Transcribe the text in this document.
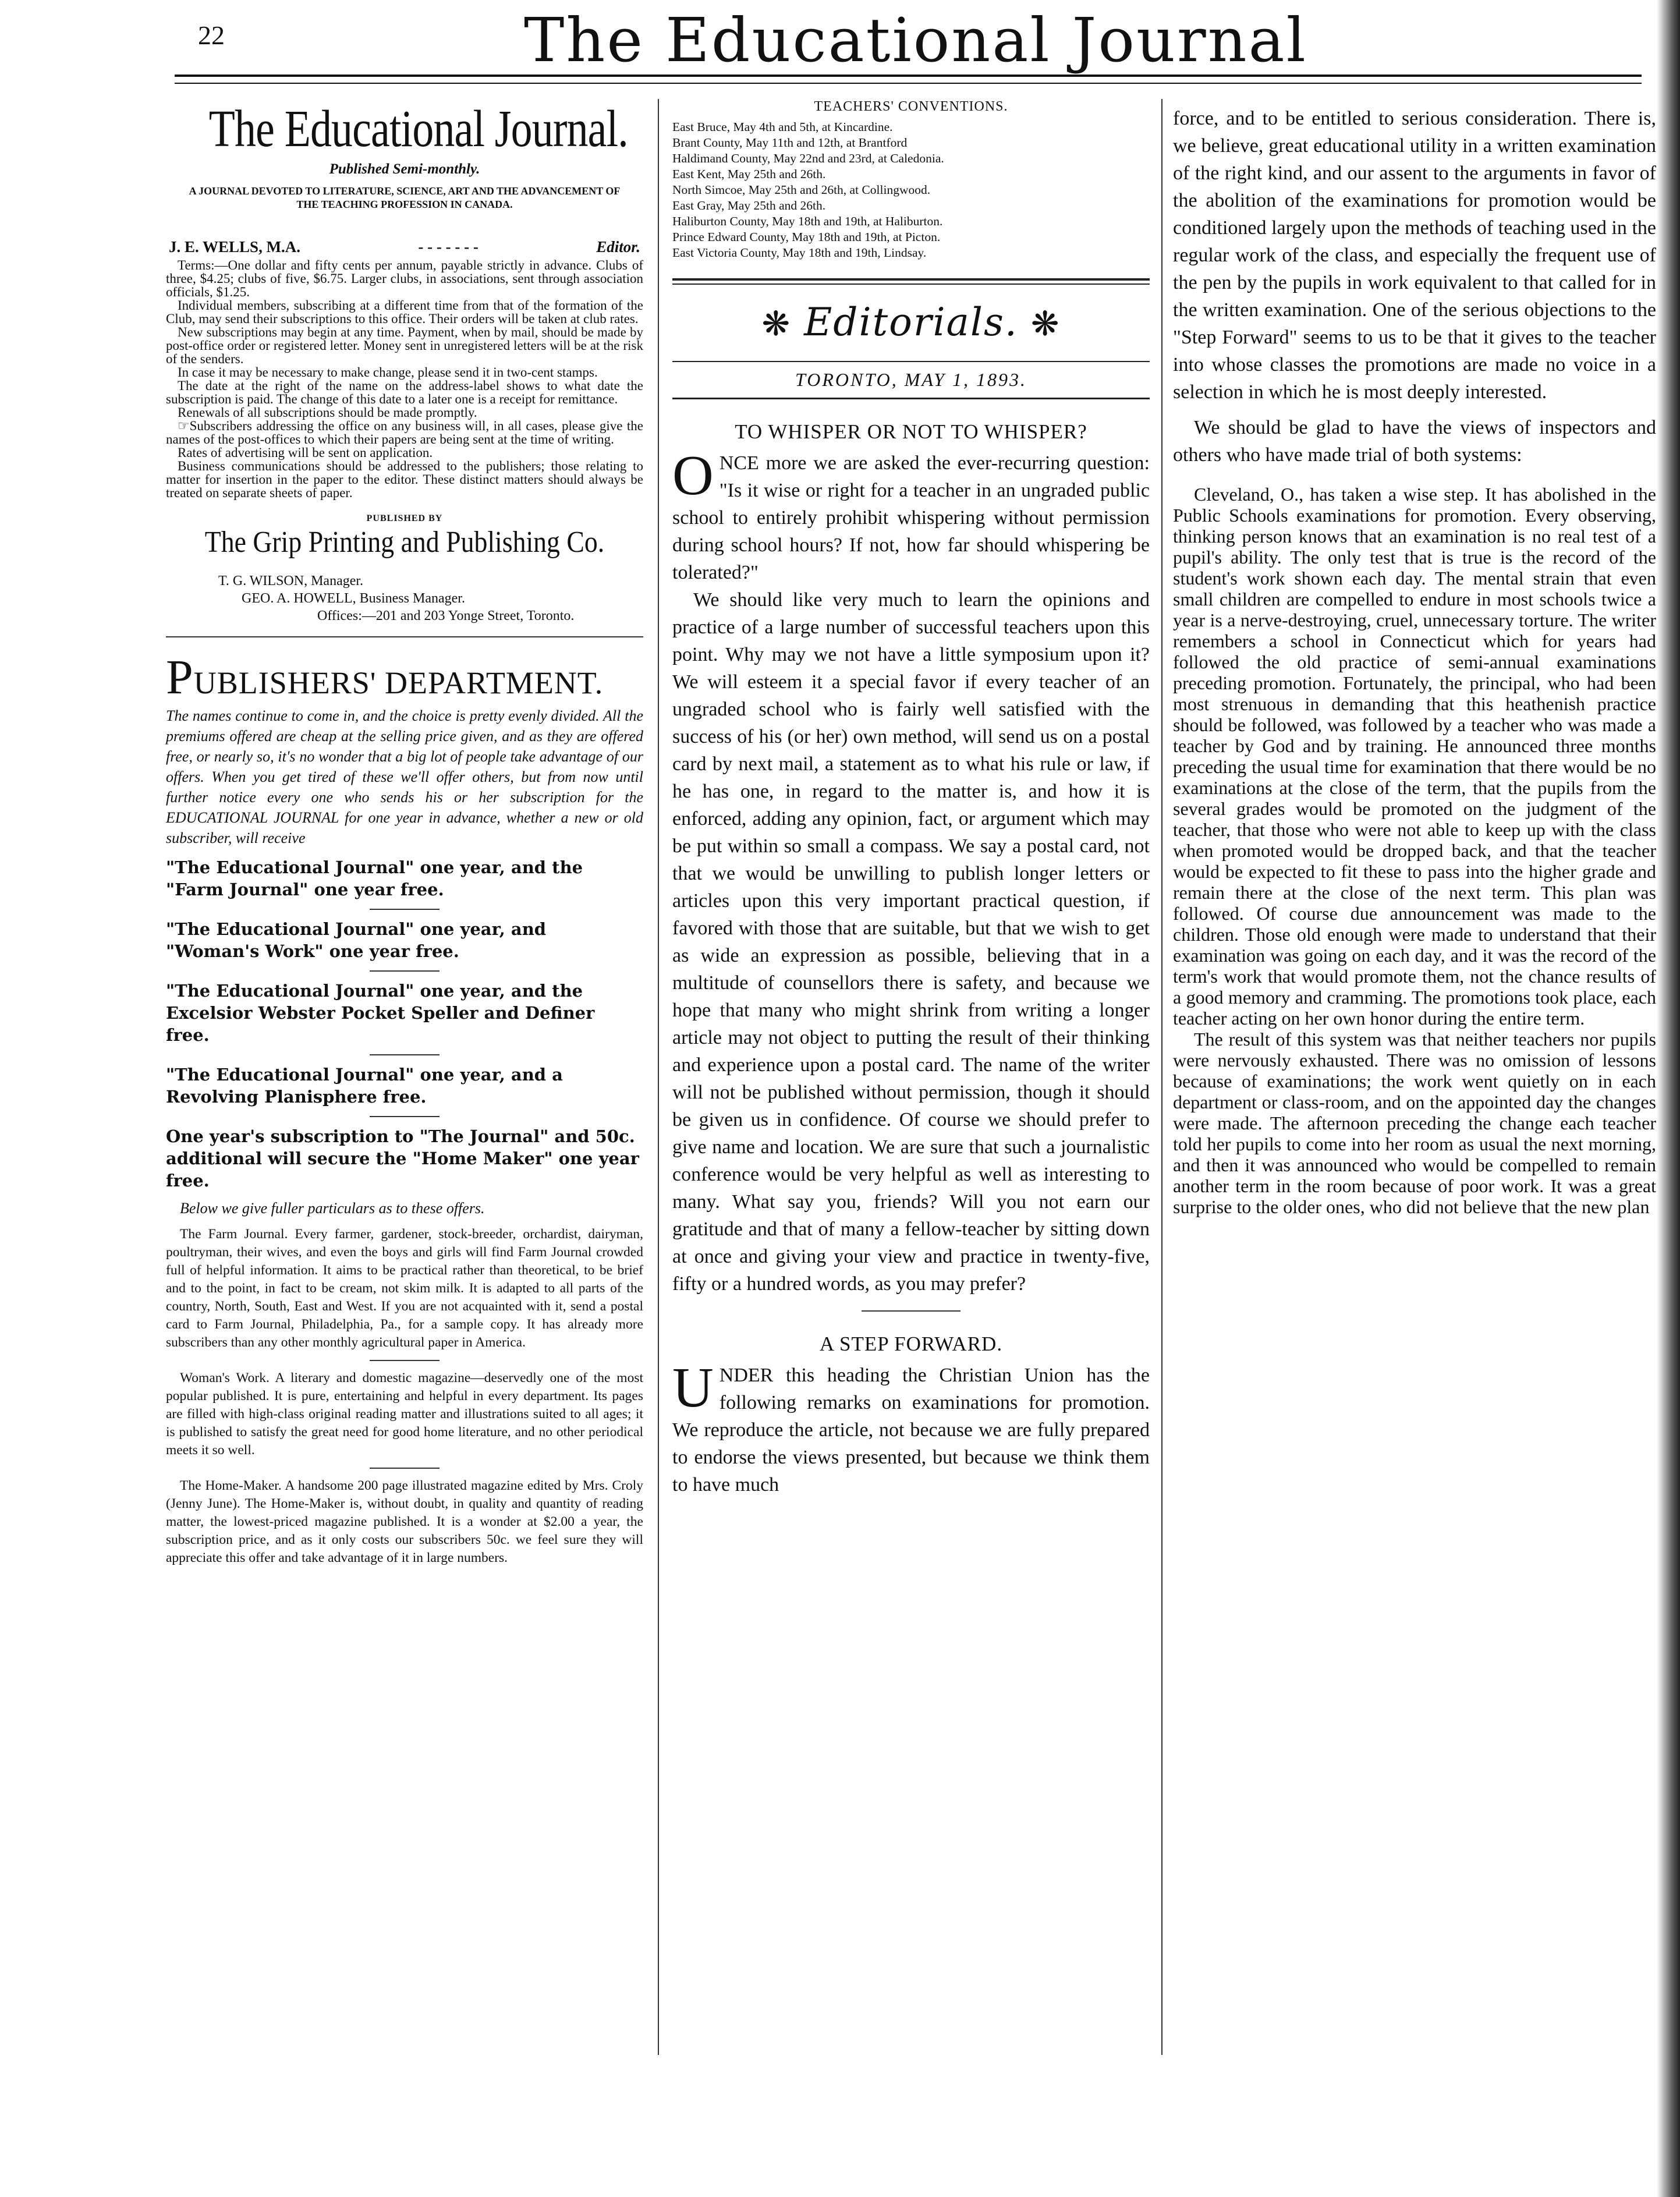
22	The Educational Journal
The Educational Journal.
Published Semi-monthly.
A JOURNAL DEVOTED TO LITERATURE, SCIENCE, ART AND THE ADVANCEMENT OF THE TEACHING PROFESSION IN CANADA.
J. E. WELLS, M.A.	- - - - - - -	Editor.

Terms:—One dollar and fifty cents per annum, payable strictly in advance. Clubs of three, $4.25; clubs of five, $6.75. Larger clubs, in associations, sent through association officials, $1.25.

Individual members, subscribing at a different time from that of the formation of the Club, may send their subscriptions to this office. Their orders will be taken at club rates.

New subscriptions may begin at any time. Payment, when by mail, should be made by post-office order or registered letter. Money sent in unregistered letters will be at the risk of the senders.

In case it may be necessary to make change, please send it in two-cent stamps.

The date at the right of the name on the address-label shows to what date the subscription is paid. The change of this date to a later one is a receipt for remittance.

Renewals of all subscriptions should be made promptly.

☞Subscribers addressing the office on any business will, in all cases, please give the names of the post-offices to which their papers are being sent at the time of writing.

Rates of advertising will be sent on application.

Business communications should be addressed to the publishers; those relating to matter for insertion in the paper to the editor. These distinct matters should always be treated on separate sheets of paper.

PUBLISHED BY
The Grip Printing and Publishing Co.
T. G. WILSON, Manager.
GEO. A. HOWELL, Business Manager.
Offices:—201 and 203 Yonge Street, Toronto.
PUBLISHERS' DEPARTMENT.
The names continue to come in, and the choice is pretty evenly divided. All the premiums offered are cheap at the selling price given, and as they are offered free, or nearly so, it's no wonder that a big lot of people take advantage of our offers. When you get tired of these we'll offer others, but from now until further notice every one who sends his or her subscription for the EDUCATIONAL JOURNAL for one year in advance, whether a new or old subscriber, will receive
"The Educational Journal" one year, and the "Farm Journal" one year free.
"The Educational Journal" one year, and "Woman's Work" one year free.
"The Educational Journal" one year, and the Excelsior Webster Pocket Speller and Definer free.
"The Educational Journal" one year, and a Revolving Planisphere free.
One year's subscription to "The Journal" and 50c. additional will secure the "Home Maker" one year free.
Below we give fuller particulars as to these offers.
The Farm Journal. Every farmer, gardener, stock-breeder, orchardist, dairyman, poultryman, their wives, and even the boys and girls will find Farm Journal crowded full of helpful information. It aims to be practical rather than theoretical, to be brief and to the point, in fact to be cream, not skim milk. It is adapted to all parts of the country, North, South, East and West. If you are not acquainted with it, send a postal card to Farm Journal, Philadelphia, Pa., for a sample copy. It has already more subscribers than any other monthly agricultural paper in America.
Woman's Work. A literary and domestic magazine—deservedly one of the most popular published. It is pure, entertaining and helpful in every department. Its pages are filled with high-class original reading matter and illustrations suited to all ages; it is published to satisfy the great need for good home literature, and no other periodical meets it so well.
The Home-Maker. A handsome 200 page illustrated magazine edited by Mrs. Croly (Jenny June). The Home-Maker is, without doubt, in quality and quantity of reading matter, the lowest-priced magazine published. It is a wonder at $2.00 a year, the subscription price, and as it only costs our subscribers 50c. we feel sure they will appreciate this offer and take advantage of it in large numbers.
TEACHERS' CONVENTIONS.
East Bruce, May 4th and 5th, at Kincardine.
Brant County, May 11th and 12th, at Brantford
Haldimand County, May 22nd and 23rd, at Caledonia.
East Kent, May 25th and 26th.
North Simcoe, May 25th and 26th, at Collingwood.
East Gray, May 25th and 26th.
Haliburton County, May 18th and 19th, at Haliburton.
Prince Edward County, May 18th and 19th, at Picton.
East Victoria County, May 18th and 19th, Lindsay.
❋ Editorials. ❋
TORONTO, MAY 1, 1893.
TO WHISPER OR NOT TO WHISPER?

ONCE more we are asked the ever-recurring question: "Is it wise or right for a teacher in an ungraded public school to entirely prohibit whispering without permission during school hours? If not, how far should whispering be tolerated?"

We should like very much to learn the opinions and practice of a large number of successful teachers upon this point. Why may we not have a little symposium upon it? We will esteem it a special favor if every teacher of an ungraded school who is fairly well satisfied with the success of his (or her) own method, will send us on a postal card by next mail, a statement as to what his rule or law, if he has one, in regard to the matter is, and how it is enforced, adding any opinion, fact, or argument which may be put within so small a compass. We say a postal card, not that we would be unwilling to publish longer letters or articles upon this very important practical question, if favored with those that are suitable, but that we wish to get as wide an expression as possible, believing that in a multitude of counsellors there is safety, and because we hope that many who might shrink from writing a longer article may not object to putting the result of their thinking and experience upon a postal card. The name of the writer will not be published without permission, though it should be given us in confidence. Of course we should prefer to give name and location. We are sure that such a journalistic conference would be very helpful as well as interesting to many. What say you, friends? Will you not earn our gratitude and that of many a fellow-teacher by sitting down at once and giving your view and practice in twenty-five, fifty or a hundred words, as you may prefer?

A STEP FORWARD.

UNDER this heading the Christian Union has the following remarks on examinations for promotion. We reproduce the article, not because we are fully prepared to endorse the views presented, but because we think them to have much

force, and to be entitled to serious consideration. There is, we believe, great educational utility in a written examination of the right kind, and our assent to the arguments in favor of the abolition of the examinations for promotion would be conditioned largely upon the methods of teaching used in the regular work of the class, and especially the frequent use of the pen by the pupils in work equivalent to that called for in the written examination. One of the serious objections to the "Step Forward" seems to us to be that it gives to the teacher into whose classes the promotions are made no voice in a selection in which he is most deeply interested.

We should be glad to have the views of inspectors and others who have made trial of both systems:

Cleveland, O., has taken a wise step. It has abolished in the Public Schools examinations for promotion. Every observing, thinking person knows that an examination is no real test of a pupil's ability. The only test that is true is the record of the student's work shown each day. The mental strain that even small children are compelled to endure in most schools twice a year is a nerve-destroying, cruel, unnecessary torture. The writer remembers a school in Connecticut which for years had followed the old practice of semi-annual examinations preceding promotion. Fortunately, the principal, who had been most strenuous in demanding that this heathenish practice should be followed, was followed by a teacher who was made a teacher by God and by training. He announced three months preceding the usual time for examination that there would be no examinations at the close of the term, that the pupils from the several grades would be promoted on the judgment of the teacher, that those who were not able to keep up with the class when promoted would be dropped back, and that the teacher would be expected to fit these to pass into the higher grade and remain there at the close of the next term. This plan was followed. Of course due announcement was made to the children. Those old enough were made to understand that their examination was going on each day, and it was the record of the term's work that would promote them, not the chance results of a good memory and cramming. The promotions took place, each teacher acting on her own honor during the entire term.

The result of this system was that neither teachers nor pupils were nervously exhausted. There was no omission of lessons because of examinations; the work went quietly on in each department or class-room, and on the appointed day the changes were made. The afternoon preceding the change each teacher told her pupils to come into her room as usual the next morning, and then it was announced who would be compelled to remain another term in the room because of poor work. It was a great surprise to the older ones, who did not believe that the new plan
